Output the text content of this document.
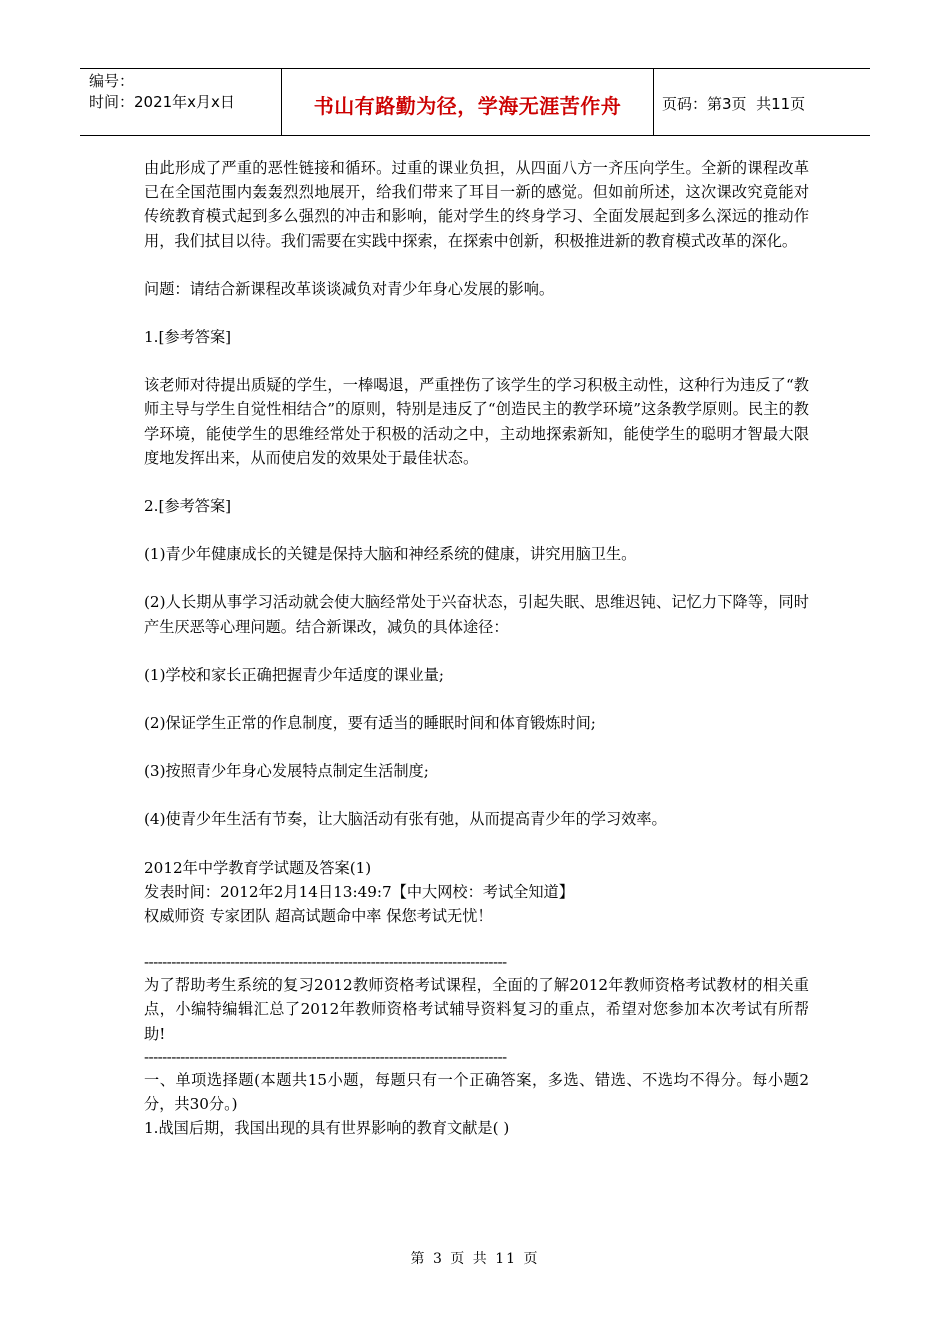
编号：
时间：2021年x月x日	书山有路勤为径，学海无涯苦作舟	页码：第3页  共11页

由此形成了严重的恶性链接和循环。过重的课业负担，从四面八方一齐压向学生。全新的课程改革已在全国范围内轰轰烈烈地展开，给我们带来了耳目一新的感觉。但如前所述，这次课改究竟能对传统教育模式起到多么强烈的冲击和影响，能对学生的终身学习、全面发展起到多么深远的推动作用，我们拭目以待。我们需要在实践中探索，在探索中创新，积极推进新的教育模式改革的深化。

问题：请结合新课程改革谈谈减负对青少年身心发展的影响。

1.[参考答案]

该老师对待提出质疑的学生，一棒喝退，严重挫伤了该学生的学习积极主动性，这种行为违反了“教师主导与学生自觉性相结合”的原则，特别是违反了“创造民主的教学环境”这条教学原则。民主的教学环境，能使学生的思维经常处于积极的活动之中，主动地探索新知，能使学生的聪明才智最大限度地发挥出来，从而使启发的效果处于最佳状态。

2.[参考答案]

(1)青少年健康成长的关键是保持大脑和神经系统的健康，讲究用脑卫生。

(2)人长期从事学习活动就会使大脑经常处于兴奋状态，引起失眠、思维迟钝、记忆力下降等，同时产生厌恶等心理问题。结合新课改，减负的具体途径：

(1)学校和家长正确把握青少年适度的课业量;

(2)保证学生正常的作息制度，要有适当的睡眠时间和体育锻炼时间;

(3)按照青少年身心发展特点制定生活制度;

(4)使青少年生活有节奏，让大脑活动有张有弛，从而提高青少年的学习效率。

2012年中学教育学试题及答案(1)

发表时间：2012年2月14日13:49:7【中大网校：考试全知道】

权威师资 专家团队 超高试题命中率 保您考试无忧！

--------------------------------------------------------------------------------

为了帮助考生系统的复习2012教师资格考试课程，全面的了解2012年教师资格考试教材的相关重点，小编特编辑汇总了2012年教师资格考试辅导资料复习的重点，希望对您参加本次考试有所帮助!

--------------------------------------------------------------------------------

一、单项选择题(本题共15小题，每题只有一个正确答案，多选、错选、不选均不得分。每小题2分，共30分。)

1.战国后期，我国出现的具有世界影响的教育文献是( )

第 3 页 共 11 页
